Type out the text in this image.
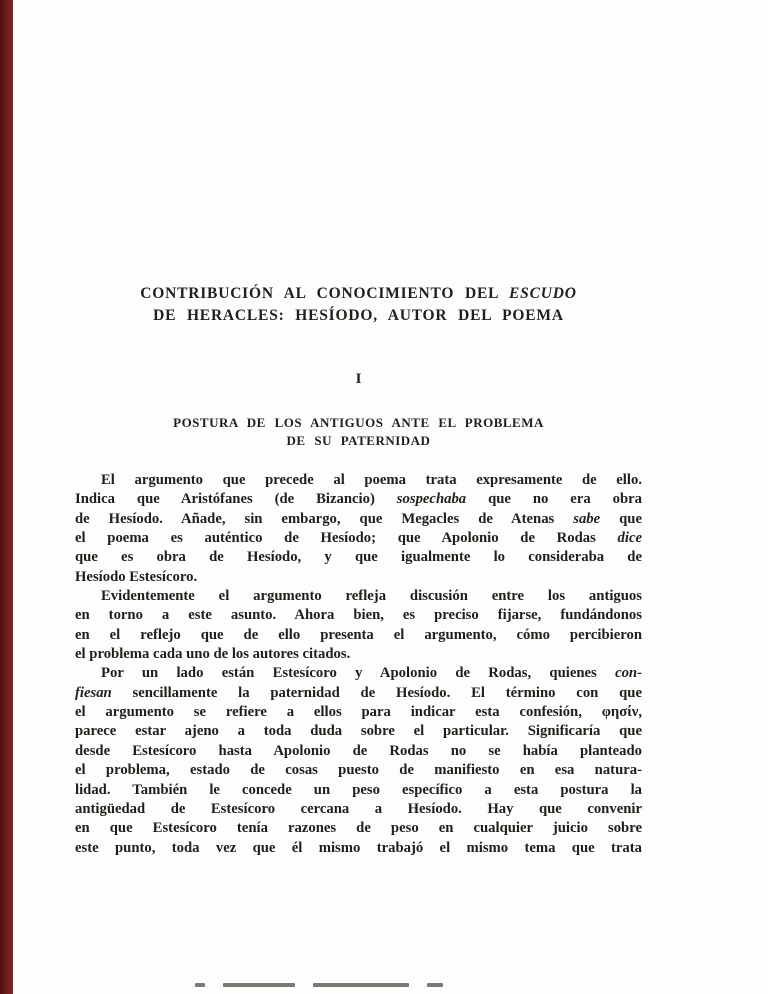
CONTRIBUCIÓN AL CONOCIMIENTO DEL ESCUDO
DE HERACLES: HESÍODO, AUTOR DEL POEMA
I
POSTURA DE LOS ANTIGUOS ANTE EL PROBLEMA
DE SU PATERNIDAD
El argumento que precede al poema trata expresamente de ello.
Indica que Aristófanes (de Bizancio) sospechaba que no era obra
de Hesíodo. Añade, sin embargo, que Megacles de Atenas sabe que
el poema es auténtico de Hesíodo; que Apolonio de Rodas dice
que es obra de Hesíodo, y que igualmente lo consideraba de
Hesíodo Estesícoro.
Evidentemente el argumento refleja discusión entre los antiguos
en torno a este asunto. Ahora bien, es preciso fijarse, fundándonos
en el reflejo que de ello presenta el argumento, cómo percibieron
el problema cada uno de los autores citados.
Por un lado están Estesícoro y Apolonio de Rodas, quienes con-
fiesan sencillamente la paternidad de Hesíodo. El término con que
el argumento se refiere a ellos para indicar esta confesión, φησίν,
parece estar ajeno a toda duda sobre el particular. Significaría que
desde Estesícoro hasta Apolonio de Rodas no se había planteado
el problema, estado de cosas puesto de manifiesto en esa natura-
lidad. También le concede un peso específico a esta postura la
antigüedad de Estesícoro cercana a Hesíodo. Hay que convenir
en que Estesícoro tenía razones de peso en cualquier juicio sobre
este punto, toda vez que él mismo trabajó el mismo tema que trata
